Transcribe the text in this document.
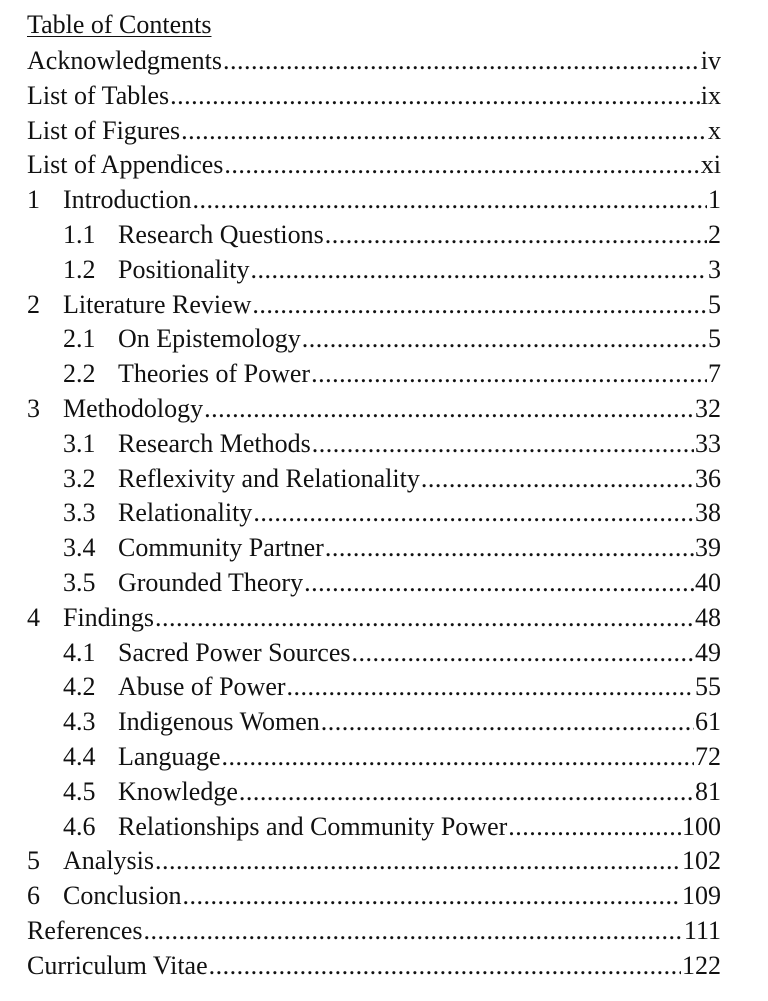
Table of Contents
Acknowledgments .....	iv
List of Tables .....	ix
List of Figures .....	x
List of Appendices .....	xi
1 Introduction .....	1
1.1 Research Questions .....	2
1.2 Positionality .....	3
2 Literature Review .....	5
2.1 On Epistemology .....	5
2.2 Theories of Power .....	7
3 Methodology .....	32
3.1 Research Methods .....	33
3.2 Reflexivity and Relationality .....	36
3.3 Relationality .....	38
3.4 Community Partner .....	39
3.5 Grounded Theory .....	40
4 Findings .....	48
4.1 Sacred Power Sources .....	49
4.2 Abuse of Power .....	55
4.3 Indigenous Women .....	61
4.4 Language .....	72
4.5 Knowledge .....	81
4.6 Relationships and Community Power .....	100
5 Analysis .....	102
6 Conclusion .....	109
References .....	111
Curriculum Vitae .....	122
